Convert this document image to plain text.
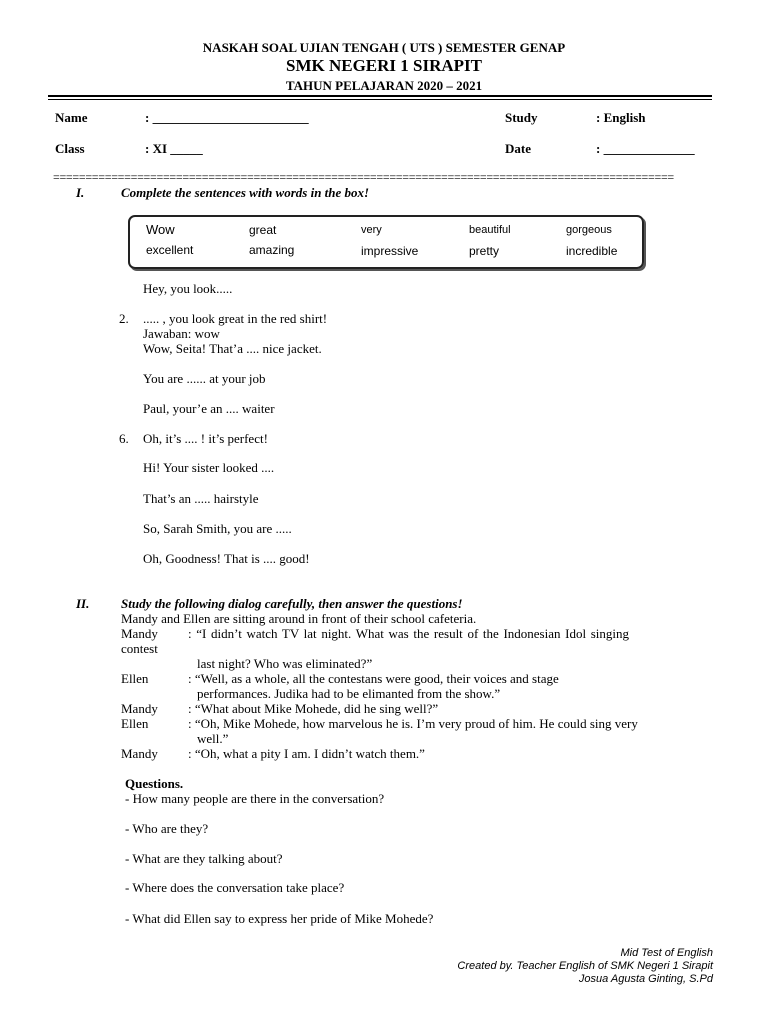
NASKAH SOAL UJIAN TENGAH ( UTS ) SEMESTER GENAP
SMK NEGERI 1 SIRAPIT
TAHUN PELAJARAN 2020 – 2021
Name	: ________________________	Study	: English
Class	: XI _____	Date	: ______________
================================================================================================
I.	Complete the sentences with words in the box!
Wow	great	very	beautiful	gorgeous
excellent	amazing	impressive	pretty	incredible
Hey, you look.....
2. ..... , you look great in the red shirt!
Jawaban: wow
Wow, Seita! That’a .... nice jacket.
You are ...... at your job
Paul, your’e an .... waiter
6. Oh, it’s .... ! it’s perfect!
Hi! Your sister looked ....
That’s an ..... hairstyle
So, Sarah Smith, you are .....
Oh, Goodness! That is .... good!
II. Study the following dialog carefully, then answer the questions!
Mandy and Ellen are sitting around in front of their school cafeteria.
Mandy : “I didn’t watch TV lat night. What was the result of the Indonesian Idol singing
contest
last night? Who was eliminated?”
Ellen	: “Well, as a whole, all the contestans were good, their voices and stage
performances. Judika had to be elimanted from the show.”
Mandy : “What about Mike Mohede, did he sing well?”
Ellen	: “Oh, Mike Mohede, how marvelous he is. I’m very proud of him. He could sing very
well.”
Mandy : “Oh, what a pity I am. I didn’t watch them.”
Questions.
- How many people are there in the conversation?
- Who are they?
- What are they talking about?
- Where does the conversation take place?
- What did Ellen say to express her pride of Mike Mohede?
Mid Test of English
Created by. Teacher English of SMK Negeri 1 Sirapit
Josua Agusta Ginting, S.Pd
